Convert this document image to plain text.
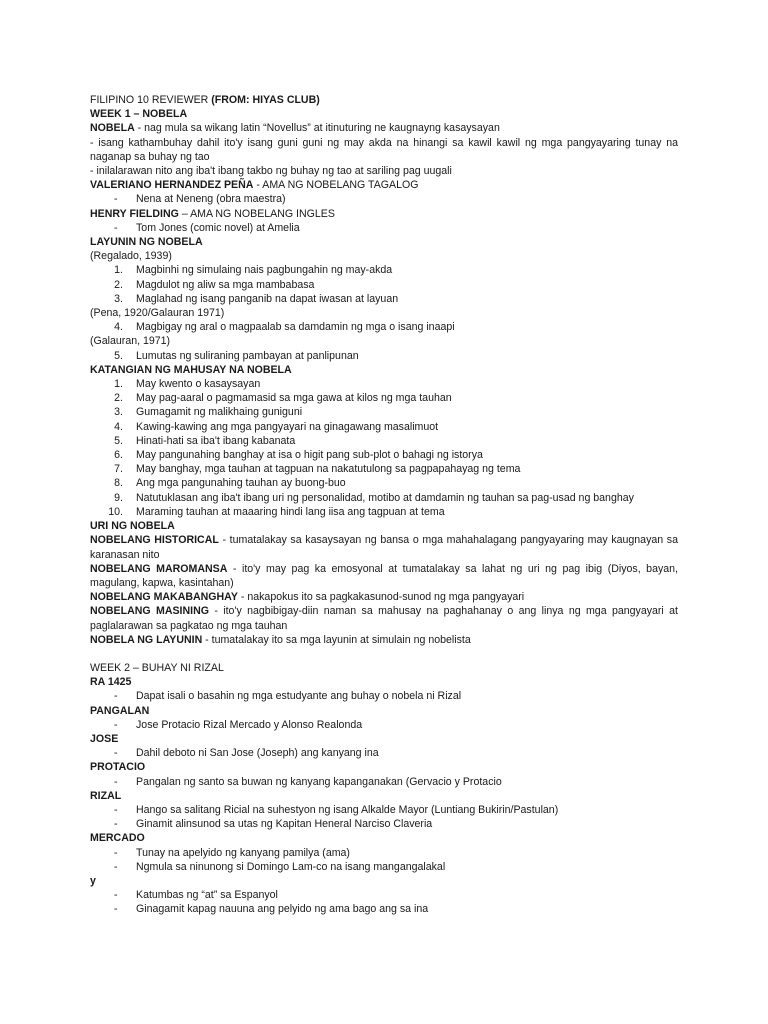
FILIPINO 10 REVIEWER (FROM: HIYAS CLUB)
WEEK 1 – NOBELA
NOBELA - nag mula sa wikang latin “Novellus” at itinuturing ne kaugnayng kasaysayan
- isang kathambuhay dahil ito'y isang guni guni ng may akda na hinangi sa kawil kawil ng mga pangyayaring tunay na naganap sa buhay ng tao
- inilalarawan nito ang iba't ibang takbo ng buhay ng tao at sariling pag uugali
VALERIANO HERNANDEZ PEÑA - AMA NG NOBELANG TAGALOG
- Nena at Neneng (obra maestra)
HENRY FIELDING – AMA NG NOBELANG INGLES
- Tom Jones (comic novel) at Amelia
LAYUNIN NG NOBELA
(Regalado, 1939)
1. Magbinhi ng simulaing nais pagbungahin ng may-akda
2. Magdulot ng aliw sa mga mambabasa
3. Maglahad ng isang panganib na dapat iwasan at layuan
(Pena, 1920/Galauran 1971)
4. Magbigay ng aral o magpaalab sa damdamin ng mga o isang inaapi
(Galauran, 1971)
5. Lumutas ng suliraning pambayan at panlipunan
KATANGIAN NG MAHUSAY NA NOBELA
1. May kwento o kasaysayan
2. May pag-aaral o pagmamasid sa mga gawa at kilos ng mga tauhan
3. Gumagamit ng malikhaing guniguni
4. Kawing-kawing ang mga pangyayari na ginagawang masalimuot
5. Hinati-hati sa iba't ibang kabanata
6. May pangunahing banghay at isa o higit pang sub-plot o bahagi ng istorya
7. May banghay, mga tauhan at tagpuan na nakatutulong sa pagpapahayag ng tema
8. Ang mga pangunahing tauhan ay buong-buo
9. Natutuklasan ang iba't ibang uri ng personalidad, motibo at damdamin ng tauhan sa pag-usad ng banghay
10. Maraming tauhan at maaaring hindi lang iisa ang tagpuan at tema
URI NG NOBELA
NOBELANG HISTORICAL - tumatalakay sa kasaysayan ng bansa o mga mahahalagang pangyayaring may kaugnayan sa karanasan nito
NOBELANG MAROMANSA - ito'y may pag ka emosyonal at tumatalakay sa lahat ng uri ng pag ibig (Diyos, bayan, magulang, kapwa, kasintahan)
NOBELANG MAKABANGHAY - nakapokus ito sa pagkakasunod-sunod ng mga pangyayari
NOBELANG MASINING - ito'y nagbibigay-diin naman sa mahusay na paghahanay o ang linya ng mga pangyayari at paglalarawan sa pagkatao ng mga tauhan
NOBELA NG LAYUNIN - tumatalakay ito sa mga layunin at simulain ng nobelista
WEEK 2 – BUHAY NI RIZAL
RA 1425
- Dapat isali o basahin ng mga estudyante ang buhay o nobela ni Rizal
PANGALAN
- Jose Protacio Rizal Mercado y Alonso Realonda
JOSE
- Dahil deboto ni San Jose (Joseph) ang kanyang ina
PROTACIO
- Pangalan ng santo sa buwan ng kanyang kapanganakan (Gervacio y Protacio
RIZAL
- Hango sa salitang Ricial na suhestyon ng isang Alkalde Mayor (Luntiang Bukirin/Pastulan)
- Ginamit alinsunod sa utas ng Kapitan Heneral Narciso Claveria
MERCADO
- Tunay na apelyido ng kanyang pamilya (ama)
- Ngmula sa ninunong si Domingo Lam-co na isang mangangalakal
y
- Katumbas ng “at” sa Espanyol
- Ginagamit kapag nauuna ang pelyido ng ama bago ang sa ina
